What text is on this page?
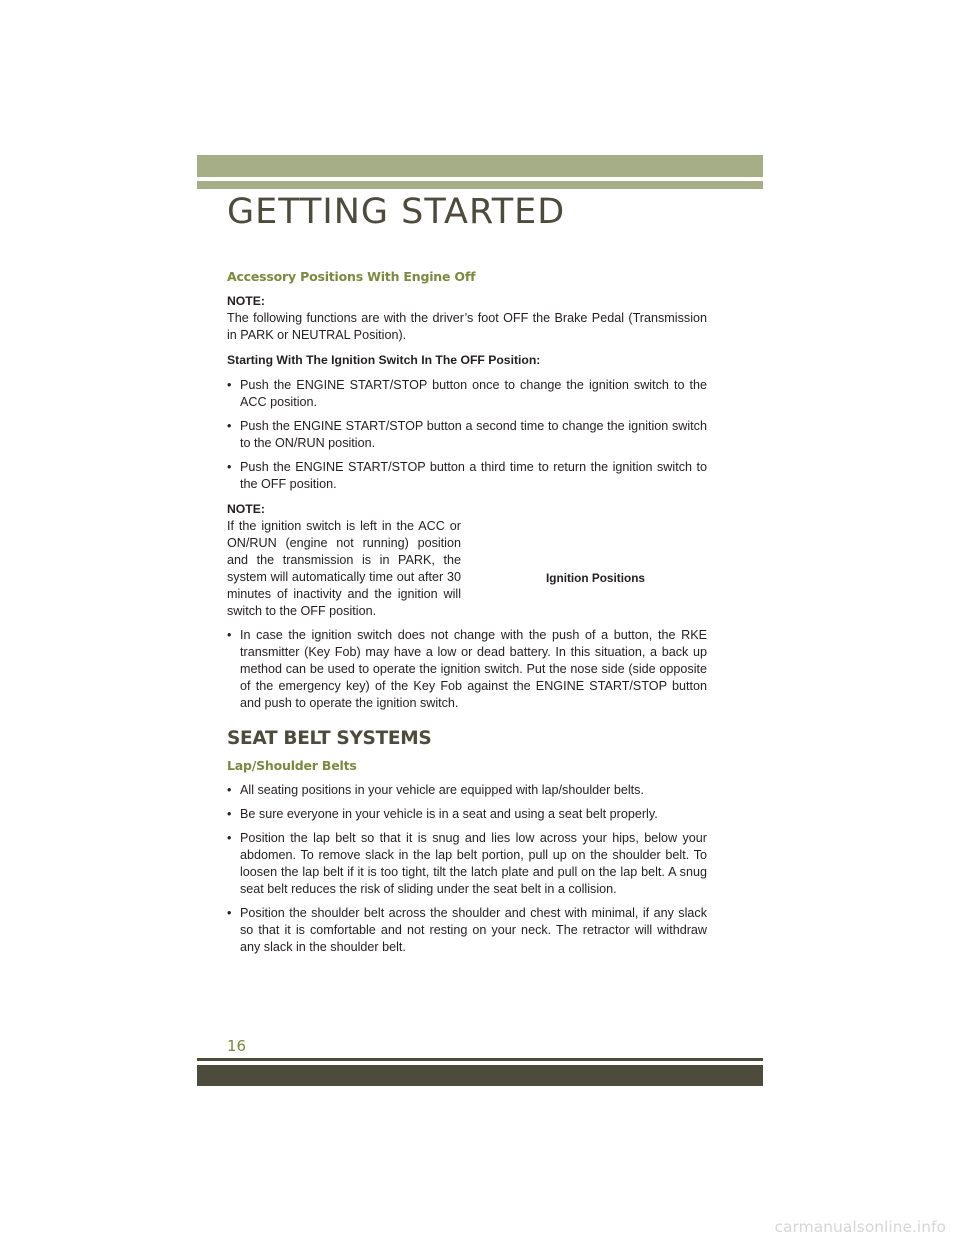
GETTING STARTED
Accessory Positions With Engine Off

NOTE:

The following functions are with the driver’s foot OFF the Brake Pedal (Transmission in PARK or NEUTRAL Position).

Starting With The Ignition Switch In The OFF Position:

• Push the ENGINE START/STOP button once to change the ignition switch to the ACC position.
• Push the ENGINE START/STOP button a second time to change the ignition switch to the ON/RUN position.
• Push the ENGINE START/STOP button a third time to return the ignition switch to the OFF position.

NOTE:

If the ignition switch is left in the ACC or ON/RUN (engine not running) position and the transmission is in PARK, the system will automatically time out after 30 minutes of inactivity and the ignition will switch to the OFF position.

Ignition Positions
• In case the ignition switch does not change with the push of a button, the RKE transmitter (Key Fob) may have a low or dead battery. In this situation, a back up method can be used to operate the ignition switch. Put the nose side (side opposite of the emergency key) of the Key Fob against the ENGINE START/STOP button and push to operate the ignition switch.
SEAT BELT SYSTEMS
Lap/Shoulder Belts
• All seating positions in your vehicle are equipped with lap/shoulder belts.
• Be sure everyone in your vehicle is in a seat and using a seat belt properly.
• Position the lap belt so that it is snug and lies low across your hips, below your abdomen. To remove slack in the lap belt portion, pull up on the shoulder belt. To loosen the lap belt if it is too tight, tilt the latch plate and pull on the lap belt. A snug seat belt reduces the risk of sliding under the seat belt in a collision.
• Position the shoulder belt across the shoulder and chest with minimal, if any slack so that it is comfortable and not resting on your neck. The retractor will withdraw any slack in the shoulder belt.
16
carmanualsonline.info
